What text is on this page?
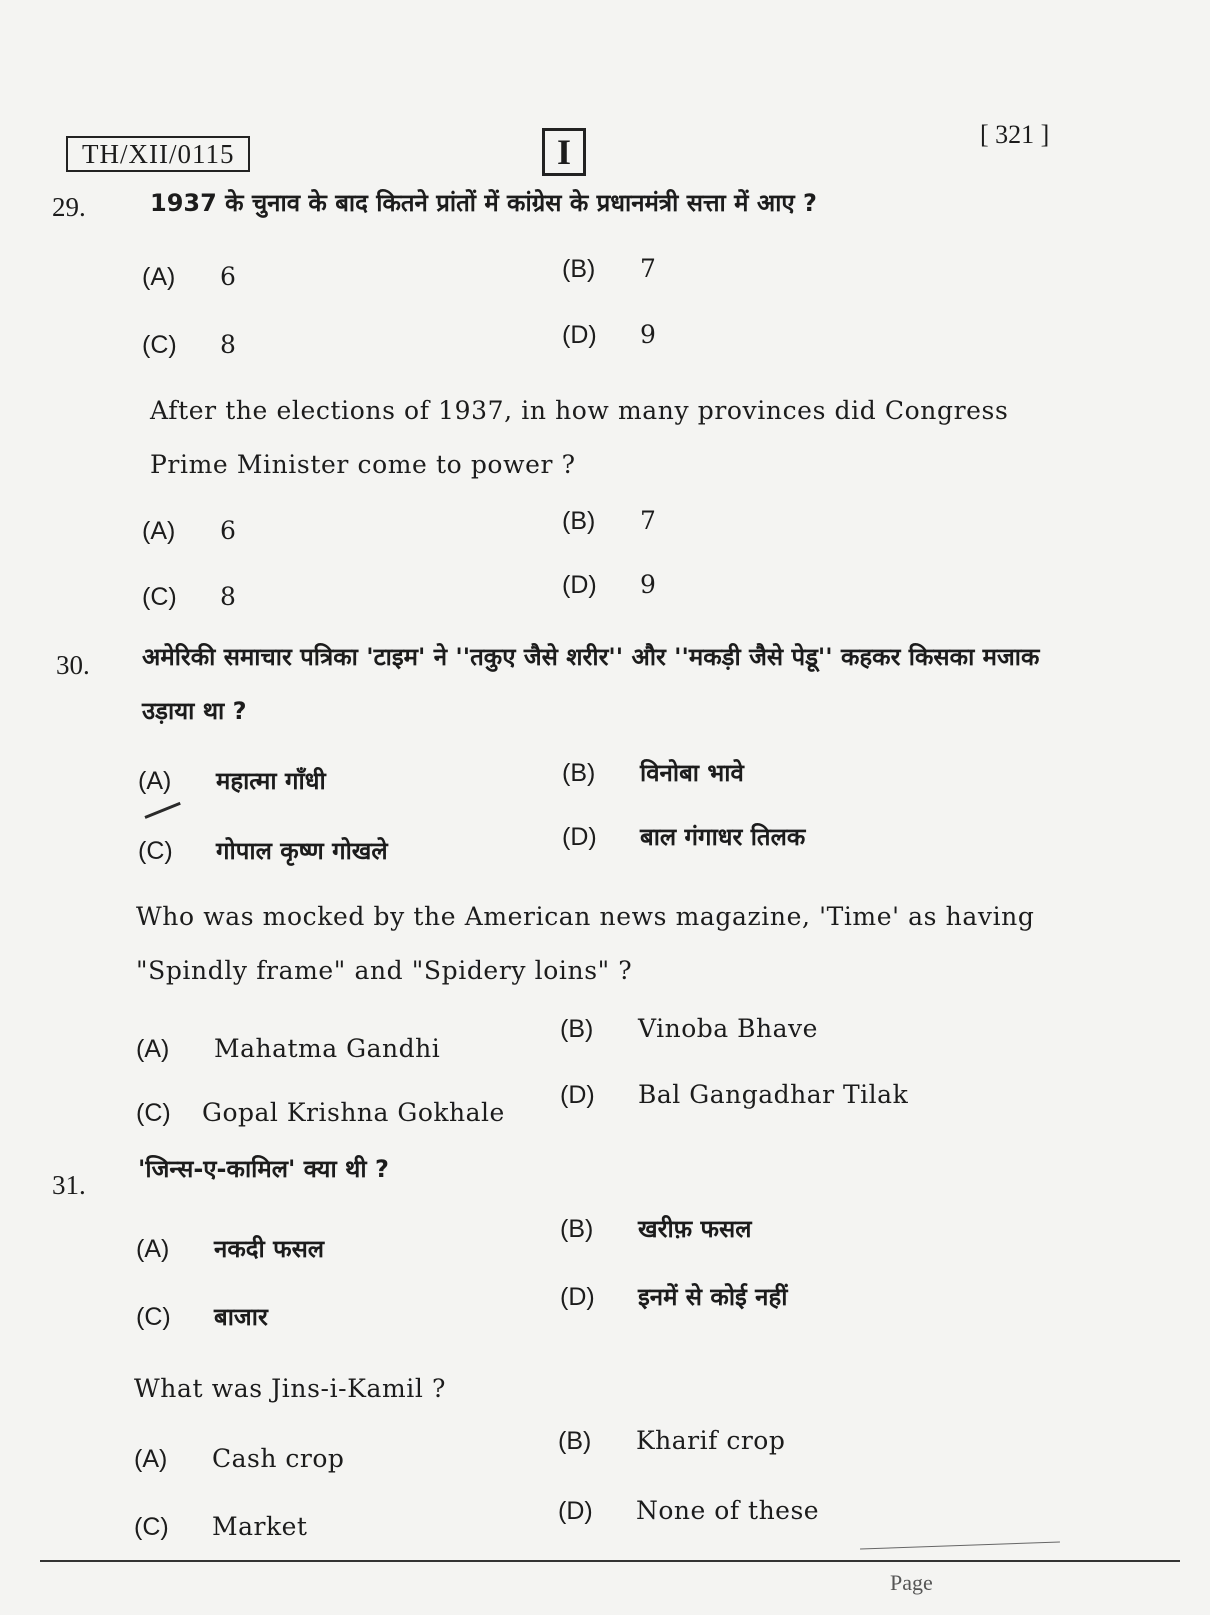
TH/XII/0115	I	[ 321 ]
29.	1937 के चुनाव के बाद कितने प्रांतों में कांग्रेस के प्रधानमंत्री सत्ता में आए ?
(A)	6	(B)	7
(C)	8	(D)	9
After the elections of 1937, in how many provinces did Congress Prime Minister come to power ?
(A)	6	(B)	7
(C)	8	(D)	9
30. अमेरिकी समाचार पत्रिका 'टाइम' ने ''तकुए जैसे शरीर'' और ''मकड़ी जैसे पेडू'' कहकर किसका मजाक उड़ाया था ?
(A)	महात्मा गाँधी	(B)	विनोबा भावे
(C)	गोपाल कृष्ण गोखले	(D)	बाल गंगाधर तिलक
Who was mocked by the American news magazine, 'Time' as having "Spindly frame" and "Spidery loins" ?
(A)	Mahatma Gandhi
(B)	Vinoba Bhave
(C)	Gopal Krishna Gokhale
(D)	Bal Gangadhar Tilak
31.
'जिन्स-ए-कामिल' क्या थी ?
(A)	नकदी फसल
(B)	खरीफ़ फसल
(C)	बाजार
(D)	इनमें से कोई नहीं
What was Jins-i-Kamil ?
(A)	Cash crop
(B)	Kharif crop
(C)	Market
(D)	None of these
Page
